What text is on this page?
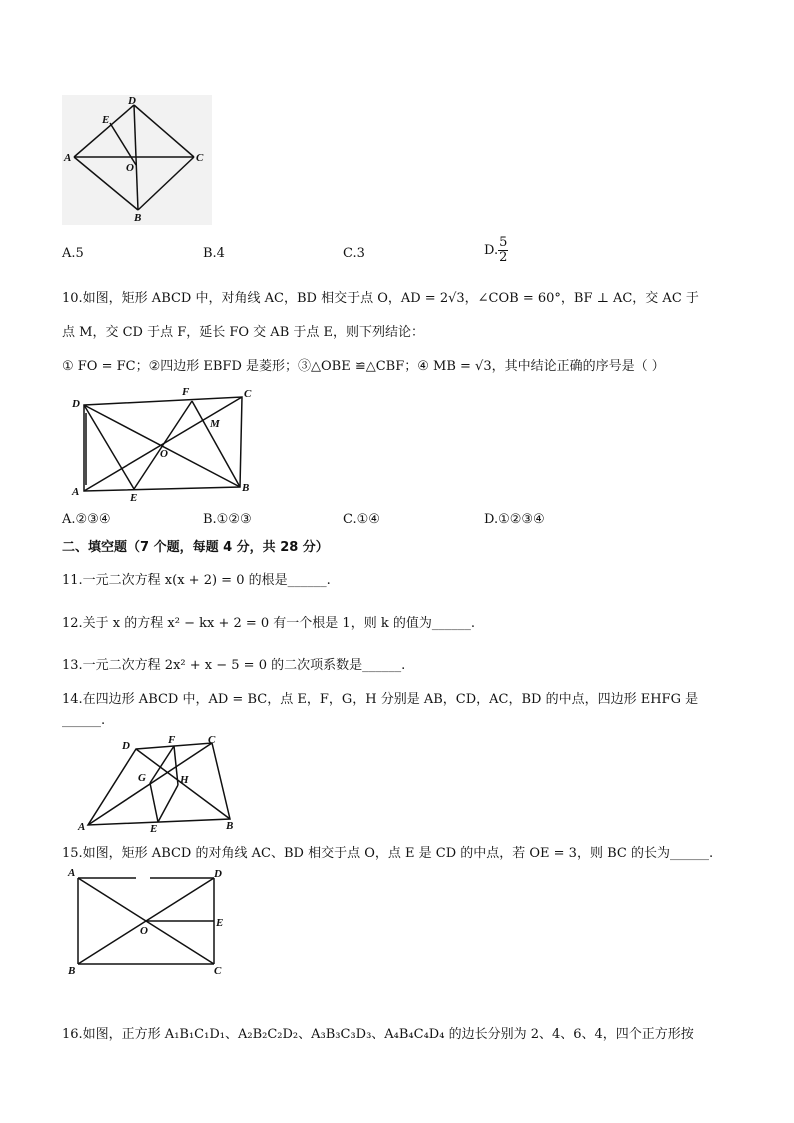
D
E
A
O
C
B
A.5	B.4	C.3	D. $\frac{5}{2}$
10.如图，矩形 ABCD 中，对角线 AC，BD 相交于点 O，AD = 2√3，∠COB = 60°，BF ⊥ AC，交 AC 于
点 M，交 CD 于点 F，延长 FO 交 AB 于点 E，则下列结论：
① FO = FC；②四边形 EBFD 是菱形；③△OBE ≌△CBF；④ MB = √3，其中结论正确的序号是（ ）
D
F	C
M
O
A	E
B
A.②③④	B.①②③	C.①④	D.①②③④
二、填空题（7 个题，每题 4 分，共 28 分）
11.一元二次方程 x(x + 2) = 0 的根是______.
12.关于 x 的方程 x² − kx + 2 = 0 有一个根是 1，则 k 的值为______.
13.一元二次方程 2x² + x − 5 = 0 的二次项系数是______.
14.在四边形 ABCD 中，AD = BC，点 E，F，G，H 分别是 AB，CD，AC，BD 的中点，四边形 EHFG 是
______.
D	F	C
G	H
A	E	B
15.如图，矩形 ABCD 的对角线 AC、BD 相交于点 O，点 E 是 CD 的中点，若 OE = 3，则 BC 的长为______.
A	D
E
O
B	C
16.如图，正方形 A₁B₁C₁D₁、A₂B₂C₂D₂、A₃B₃C₃D₃、A₄B₄C₄D₄ 的边长分别为 2、4、6、4，四个正方形按
